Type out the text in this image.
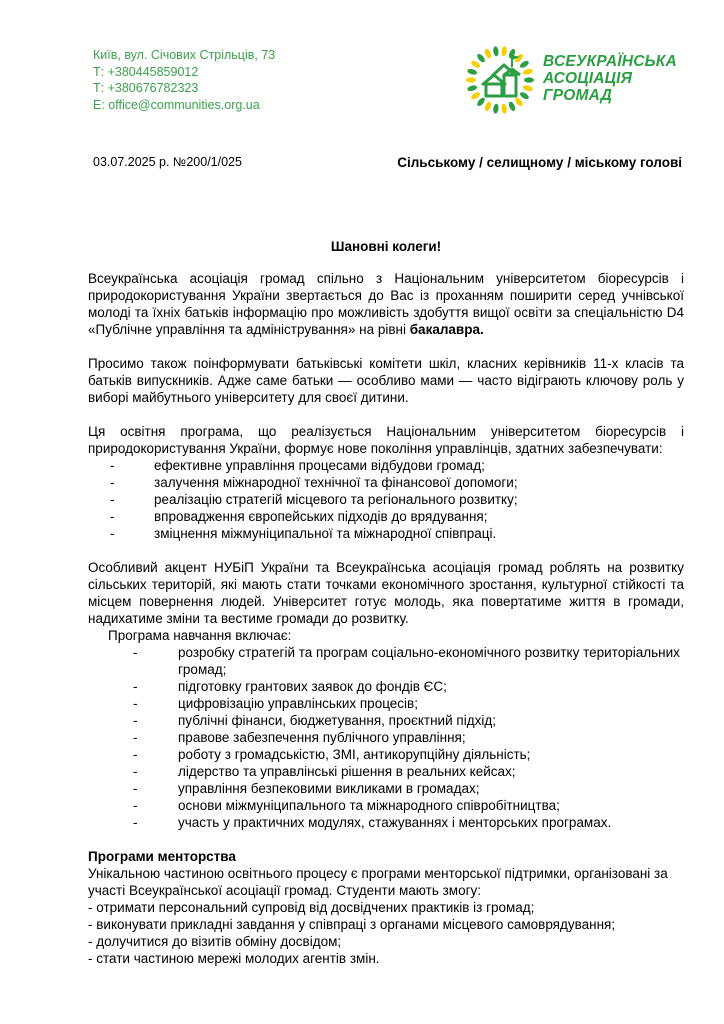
Київ, вул. Січових Стрільців, 73
Т: +380445859012
Т: +380676782323
E: office@communities.org.ua
ВСЕУКРАЇНСЬКА
АСОЦІАЦІЯ
ГРОМАД
03.07.2025 р. №200/1/025	Сільському / селищному / міському голові
Шановні колеги!

Всеукраїнська асоціація громад спільно з Національним університетом біоресурсів і природокористування України звертається до Вас із проханням поширити серед учнівської молоді та їхніх батьків інформацію про можливість здобуття вищої освіти за спеціальністю D4 «Публічне управління та адміністрування» на рівні бакалавра.

Просимо також поінформувати батьківські комітети шкіл, класних керівників 11-х класів та батьків випускників. Адже саме батьки — особливо мами — часто відіграють ключову роль у виборі майбутнього університету для своєї дитини.

Ця освітня програма, що реалізується Національним університетом біоресурсів і природокористування України, формує нове покоління управлінців, здатних забезпечувати:

- ефективне управління процесами відбудови громад;
- залучення міжнародної технічної та фінансової допомоги;
- реалізацію стратегій місцевого та регіонального розвитку;
- впровадження європейських підходів до врядування;
- зміцнення міжмуніципальної та міжнародної співпраці.

Особливий акцент НУБіП України та Всеукраїнська асоціація громад роблять на розвитку сільських територій, які мають стати точками економічного зростання, культурної стійкості та місцем повернення людей. Університет готує молодь, яка повертатиме життя в громади, надихатиме зміни та вестиме громади до розвитку.

Програма навчання включає:
- розробку стратегій та програм соціально-економічного розвитку територіальних громад;
- підготовку грантових заявок до фондів ЄС;
- цифровізацію управлінських процесів;
- публічні фінанси, бюджетування, проєктний підхід;
- правове забезпечення публічного управління;
- роботу з громадськістю, ЗМІ, антикорупційну діяльність;
- лідерство та управлінські рішення в реальних кейсах;
- управління безпековими викликами в громадах;
- основи міжмуніципального та міжнародного співробітництва;
- участь у практичних модулях, стажуваннях і менторських програмах.
Програми менторства
Унікальною частиною освітнього процесу є програми менторської підтримки, організовані за участі Всеукраїнської асоціації громад. Студенти мають змогу:
- отримати персональний супровід від досвідчених практиків із громад;
- виконувати прикладні завдання у співпраці з органами місцевого самоврядування;
- долучитися до візитів обміну досвідом;
- стати частиною мережі молодих агентів змін.
